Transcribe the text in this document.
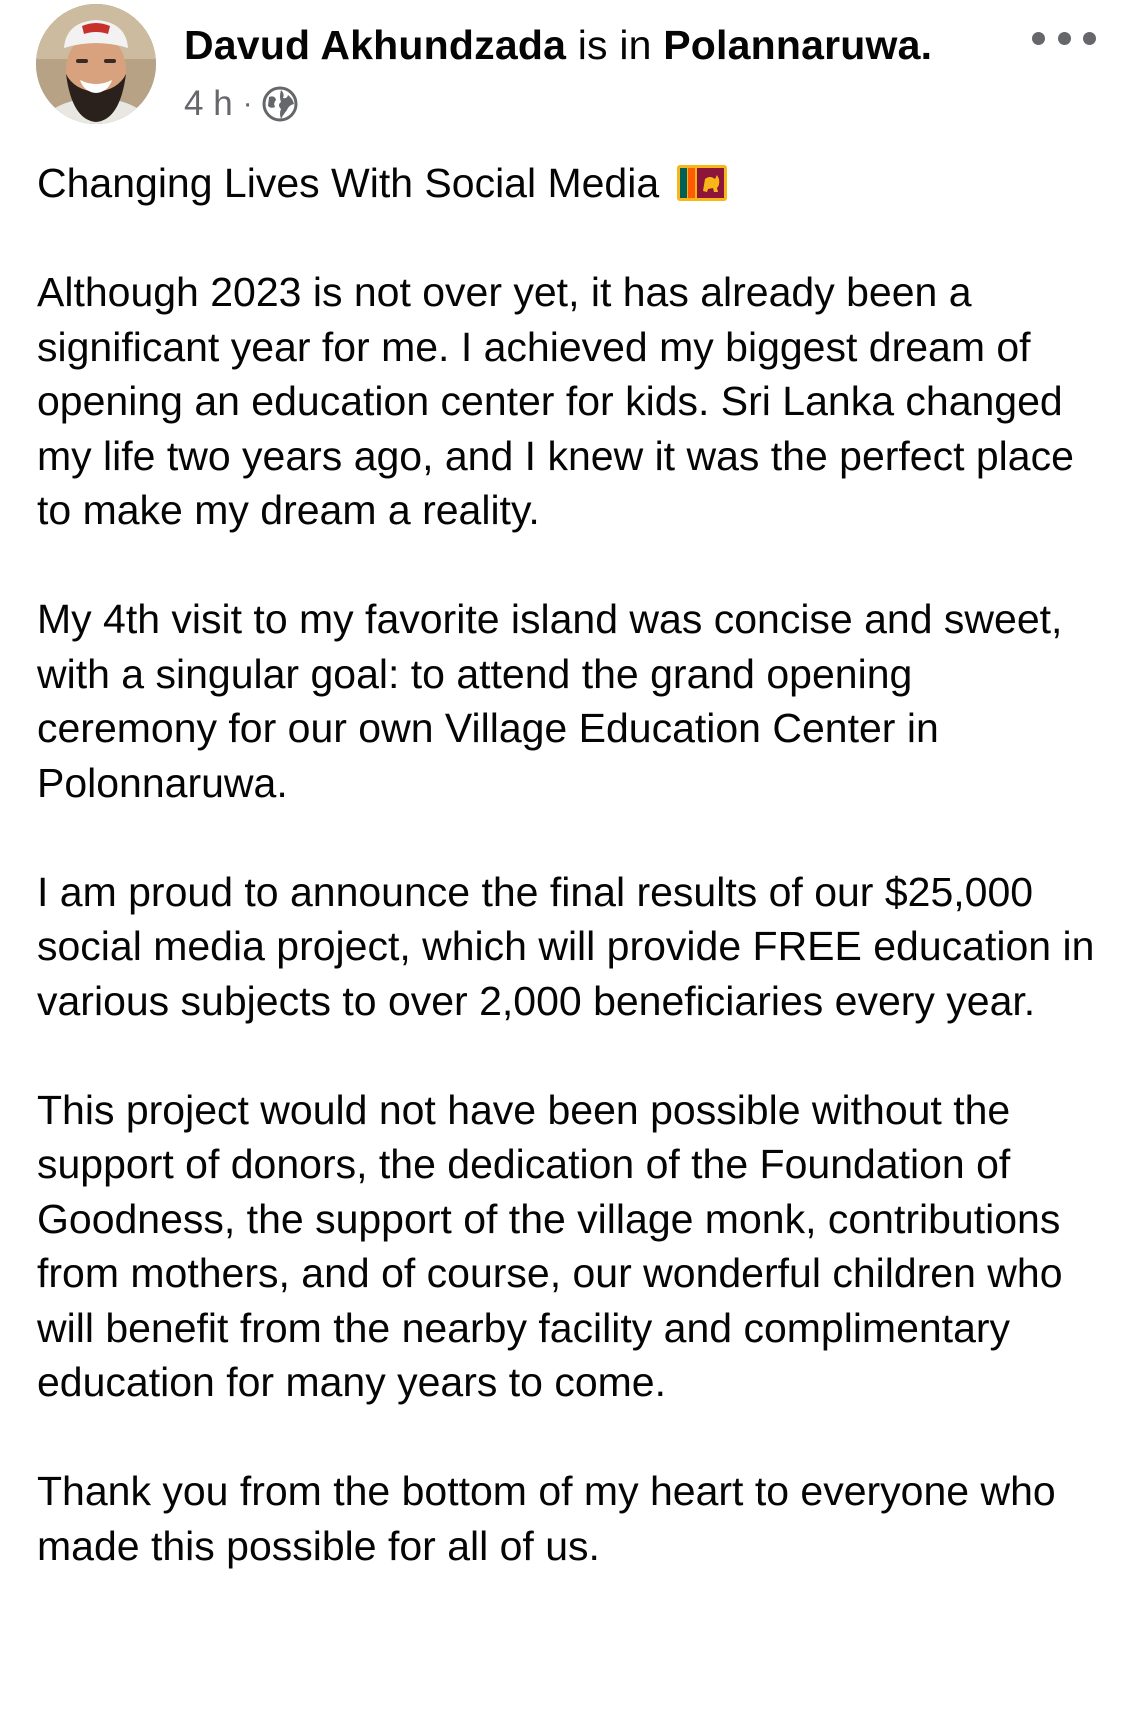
Davud Akhundzada is in Polannaruwa.
4 h ·

Changing Lives With Social Media

Although 2023 is not over yet, it has already been a significant year for me. I achieved my biggest dream of opening an education center for kids. Sri Lanka changed my life two years ago, and I knew it was the perfect place to make my dream a reality.

My 4th visit to my favorite island was concise and sweet, with a singular goal: to attend the grand opening ceremony for our own Village Education Center in Polonnaruwa.

I am proud to announce the final results of our $25,000 social media project, which will provide FREE education in various subjects to over 2,000 beneficiaries every year.

This project would not have been possible without the support of donors, the dedication of the Foundation of Goodness, the support of the village monk, contributions from mothers, and of course, our wonderful children who will benefit from the nearby facility and complimentary education for many years to come.

Thank you from the bottom of my heart to everyone who made this possible for all of us.
